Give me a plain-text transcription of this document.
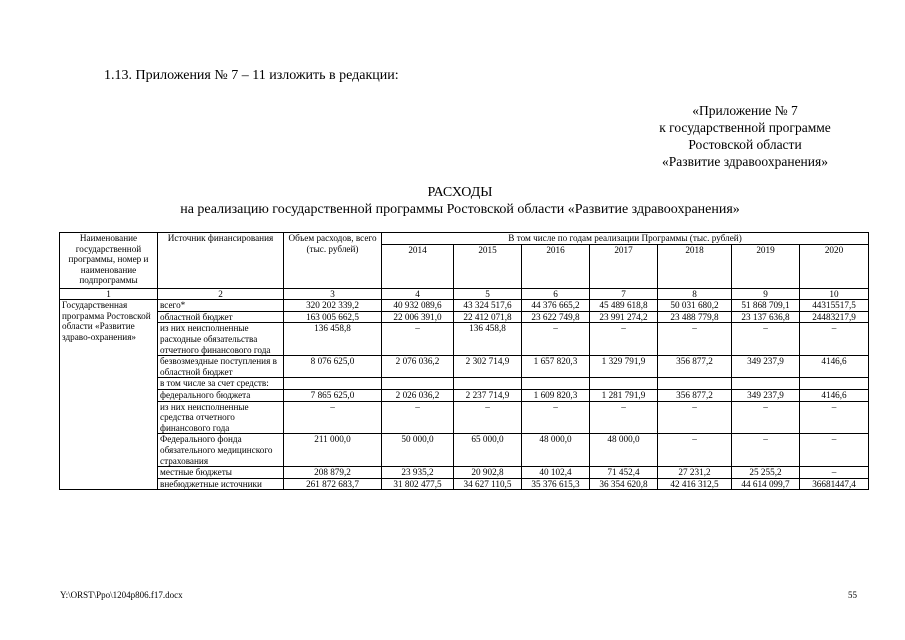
1.13. Приложения № 7 – 11 изложить в редакции:
«Приложение № 7
к государственной программе
Ростовской области
«Развитие здравоохранения»
РАСХОДЫ
на реализацию государственной программы Ростовской области «Развитие здравоохранения»
Наименование государственной программы, номер и наименование подпрограммы	Источник финансирования	Объем расходов, всего (тыс. рублей)	В том числе по годам реализации Программы (тыс. рублей)						
			2014	2015	2016	2017	2018	2019	2020
1	2	3	4	5	6	7	8	9	10
Государственная программа Ростовской области «Развитие здраво-охранения»	всего*	320 202 339,2	40 932 089,6	43 324 517,6	44 376 665,2	45 489 618,8	50 031 680,2	51 868 709,1	44315517,5
	областной бюджет	163 005 662,5	22 006 391,0	22 412 071,8	23 622 749,8	23 991 274,2	23 488 779,8	23 137 636,8	24483217,9
	из них неисполненные расходные обязательства отчетного финансового года	136 458,8	–	136 458,8	–	–	–	–	–
	безвозмездные поступления в областной бюджет	8 076 625,0	2 076 036,2	2 302 714,9	1 657 820,3	1 329 791,9	356 877,2	349 237,9	4146,6
	в том числе за счет средств:								
	федерального бюджета	7 865 625,0	2 026 036,2	2 237 714,9	1 609 820,3	1 281 791,9	356 877,2	349 237,9	4146,6
	из них неисполненные средства отчетного финансового года	–	–	–	–	–	–	–	–
	Федерального фонда обязательного медицинского страхования	211 000,0	50 000,0	65 000,0	48 000,0	48 000,0	–	–	–
	местные бюджеты	208 879,2	23 935,2	20 902,8	40 102,4	71 452,4	27 231,2	25 255,2	–
	внебюджетные источники	261 872 683,7	31 802 477,5	34 627 110,5	35 376 615,3	36 354 620,8	42 416 312,5	44 614 099,7	36681447,4
Y:\ORST\Ppo\1204p806.f17.docx	55
